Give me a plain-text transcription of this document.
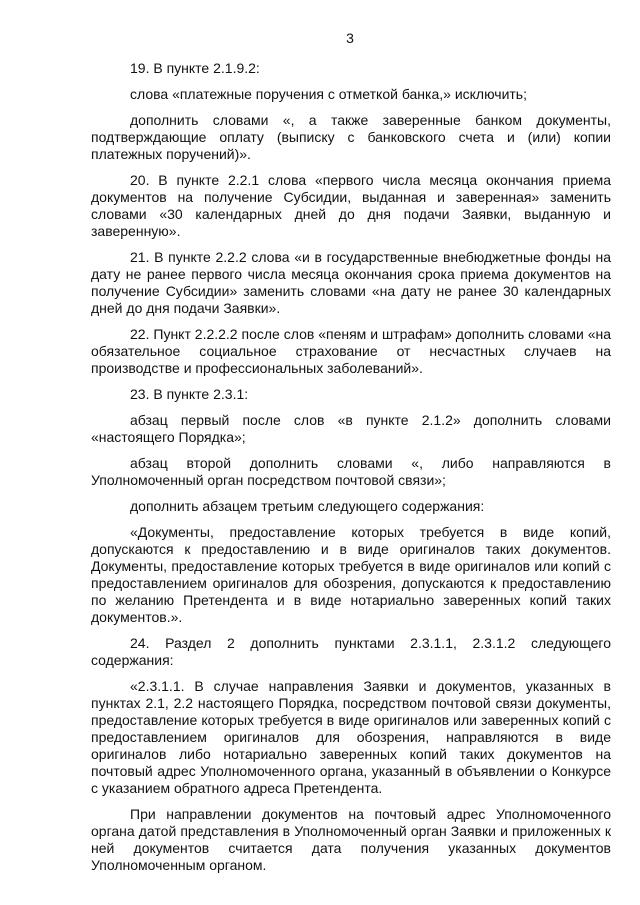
3

19. В пункте 2.1.9.2:

слова «платежные поручения с отметкой банка,» исключить;

дополнить словами «, а также заверенные банком документы, подтверждающие оплату (выписку с банковского счета и (или) копии платежных поручений)».

20. В пункте 2.2.1 слова «первого числа месяца окончания приема документов на получение Субсидии, выданная и заверенная» заменить словами «30 календарных дней до дня подачи Заявки, выданную и заверенную».

21. В пункте 2.2.2 слова «и в государственные внебюджетные фонды на дату не ранее первого числа месяца окончания срока приема документов на получение Субсидии» заменить словами «на дату не ранее 30 календарных дней до дня подачи Заявки».

22. Пункт 2.2.2.2 после слов «пеням и штрафам» дополнить словами «на обязательное социальное страхование от несчастных случаев на производстве и профессиональных заболеваний».

23. В пункте 2.3.1:

абзац первый после слов «в пункте 2.1.2» дополнить словами «настоящего Порядка»;

абзац второй дополнить словами «, либо направляются в Уполномоченный орган посредством почтовой связи»;

дополнить абзацем третьим следующего содержания:

«Документы, предоставление которых требуется в виде копий, допускаются к предоставлению и в виде оригиналов таких документов. Документы, предоставление которых требуется в виде оригиналов или копий с предоставлением оригиналов для обозрения, допускаются к предоставлению по желанию Претендента и в виде нотариально заверенных копий таких документов.».

24. Раздел 2 дополнить пунктами 2.3.1.1, 2.3.1.2 следующего содержания:

«2.3.1.1. В случае направления Заявки и документов, указанных в пунктах 2.1, 2.2 настоящего Порядка, посредством почтовой связи документы, предоставление которых требуется в виде оригиналов или заверенных копий с предоставлением оригиналов для обозрения, направляются в виде оригиналов либо нотариально заверенных копий таких документов на почтовый адрес Уполномоченного органа, указанный в объявлении о Конкурсе с указанием обратного адреса Претендента.

При направлении документов на почтовый адрес Уполномоченного органа датой представления в Уполномоченный орган Заявки и приложенных к ней документов считается дата получения указанных документов Уполномоченным органом.
